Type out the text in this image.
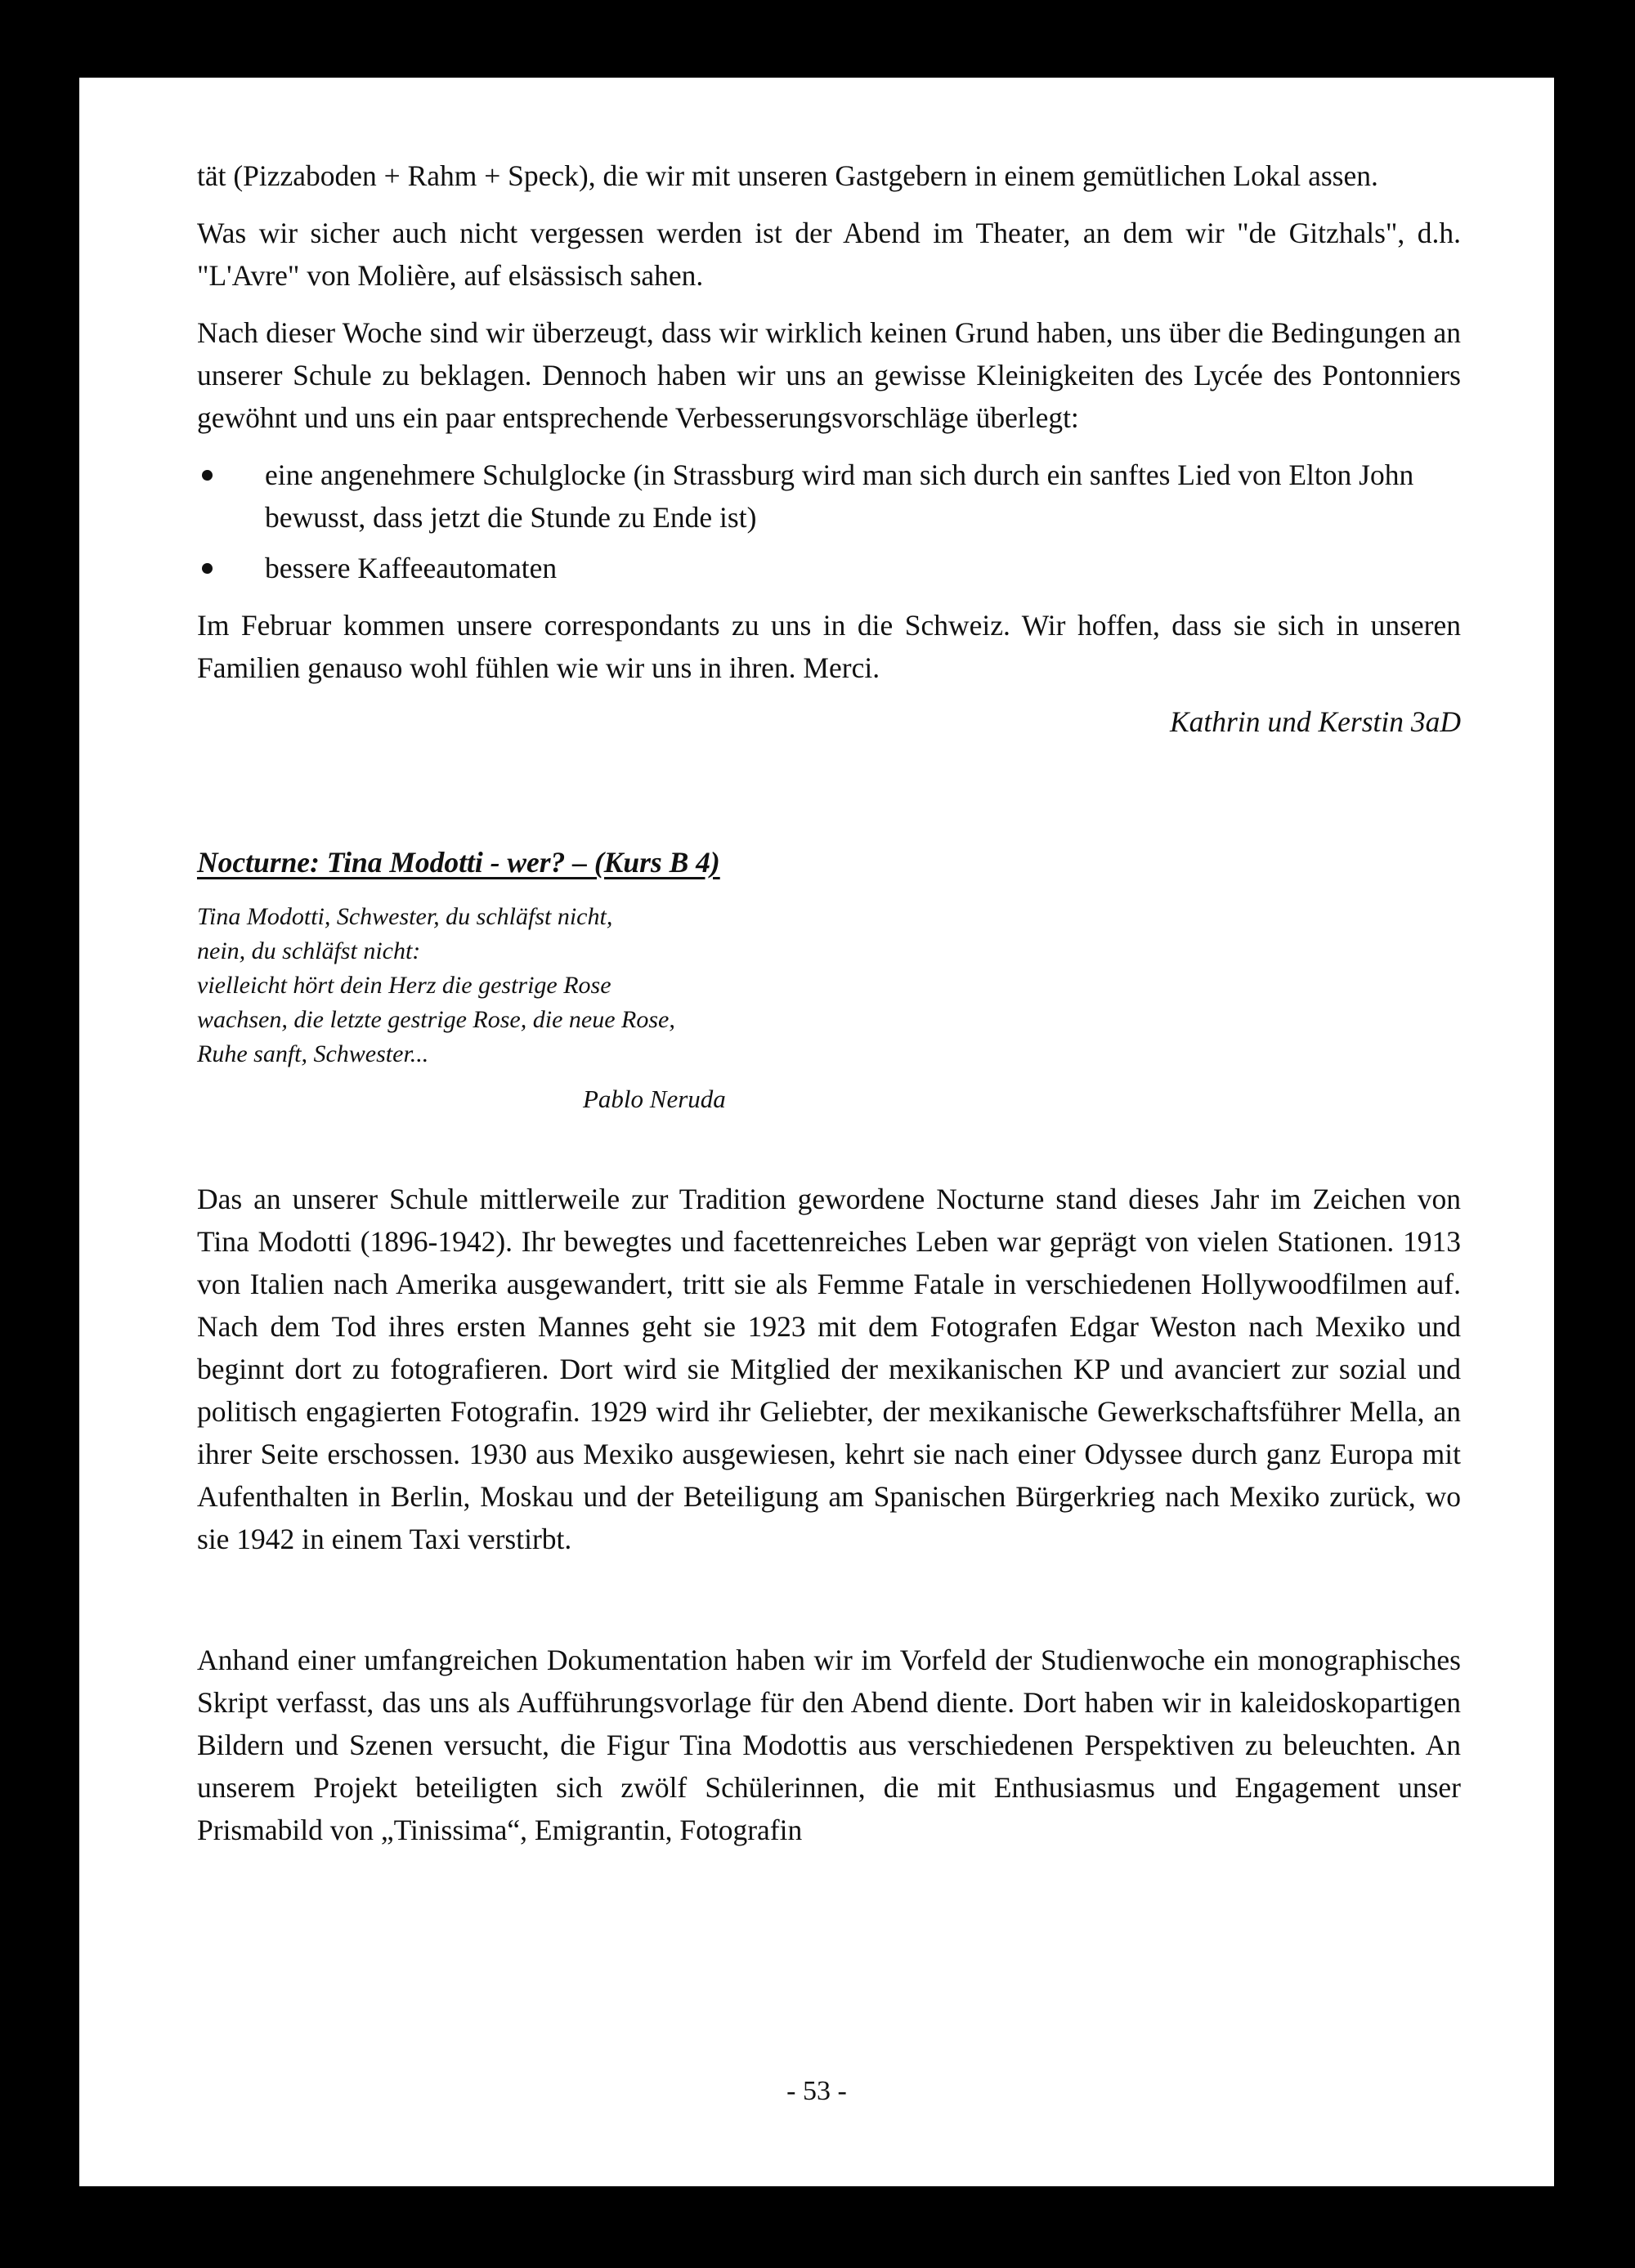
tät (Pizzaboden + Rahm + Speck), die wir mit unseren Gastgebern in einem gemütlichen Lokal assen.

Was wir sicher auch nicht vergessen werden ist der Abend im Theater, an dem wir "de Gitzhals", d.h. "L'Avre" von Molière, auf elsässisch sahen.

Nach dieser Woche sind wir überzeugt, dass wir wirklich keinen Grund haben, uns über die Bedingungen an unserer Schule zu beklagen. Dennoch haben wir uns an gewisse Kleinigkeiten des Lycée des Pontonniers gewöhnt und uns ein paar entsprechende Verbesserungsvorschläge überlegt:

eine angenehmere Schulglocke (in Strassburg wird man sich durch ein sanftes Lied von Elton John bewusst, dass jetzt die Stunde zu Ende ist)
bessere Kaffeeautomaten

Im Februar kommen unsere correspondants zu uns in die Schweiz. Wir hoffen, dass sie sich in unseren Familien genauso wohl fühlen wie wir uns in ihren. Merci.

Kathrin und Kerstin 3aD
Nocturne: Tina Modotti - wer? – (Kurs B 4)
Tina Modotti, Schwester, du schläfst nicht,
nein, du schläfst nicht:
vielleicht hört dein Herz die gestrige Rose
wachsen, die letzte gestrige Rose, die neue Rose,
Ruhe sanft, Schwester...
Pablo Neruda

Das an unserer Schule mittlerweile zur Tradition gewordene Nocturne stand dieses Jahr im Zeichen von Tina Modotti (1896-1942). Ihr bewegtes und facettenreiches Leben war geprägt von vielen Stationen. 1913 von Italien nach Amerika ausgewandert, tritt sie als Femme Fatale in verschiedenen Hollywoodfilmen auf. Nach dem Tod ihres ersten Mannes geht sie 1923 mit dem Fotografen Edgar Weston nach Mexiko und beginnt dort zu fotografieren. Dort wird sie Mitglied der mexikanischen KP und avanciert zur sozial und politisch engagierten Fotografin. 1929 wird ihr Geliebter, der mexikanische Gewerkschaftsführer Mella, an ihrer Seite erschossen. 1930 aus Mexiko ausgewiesen, kehrt sie nach einer Odyssee durch ganz Europa mit Aufenthalten in Berlin, Moskau und der Beteiligung am Spanischen Bürgerkrieg nach Mexiko zurück, wo sie 1942 in einem Taxi verstirbt.

Anhand einer umfangreichen Dokumentation haben wir im Vorfeld der Studienwoche ein monographisches Skript verfasst, das uns als Aufführungsvorlage für den Abend diente. Dort haben wir in kaleidoskopartigen Bildern und Szenen versucht, die Figur Tina Modottis aus verschiedenen Perspektiven zu beleuchten. An unserem Projekt beteiligten sich zwölf Schülerinnen, die mit Enthusiasmus und Engagement unser Prismabild von „Tinissima“, Emigrantin, Fotografin

- 53 -
